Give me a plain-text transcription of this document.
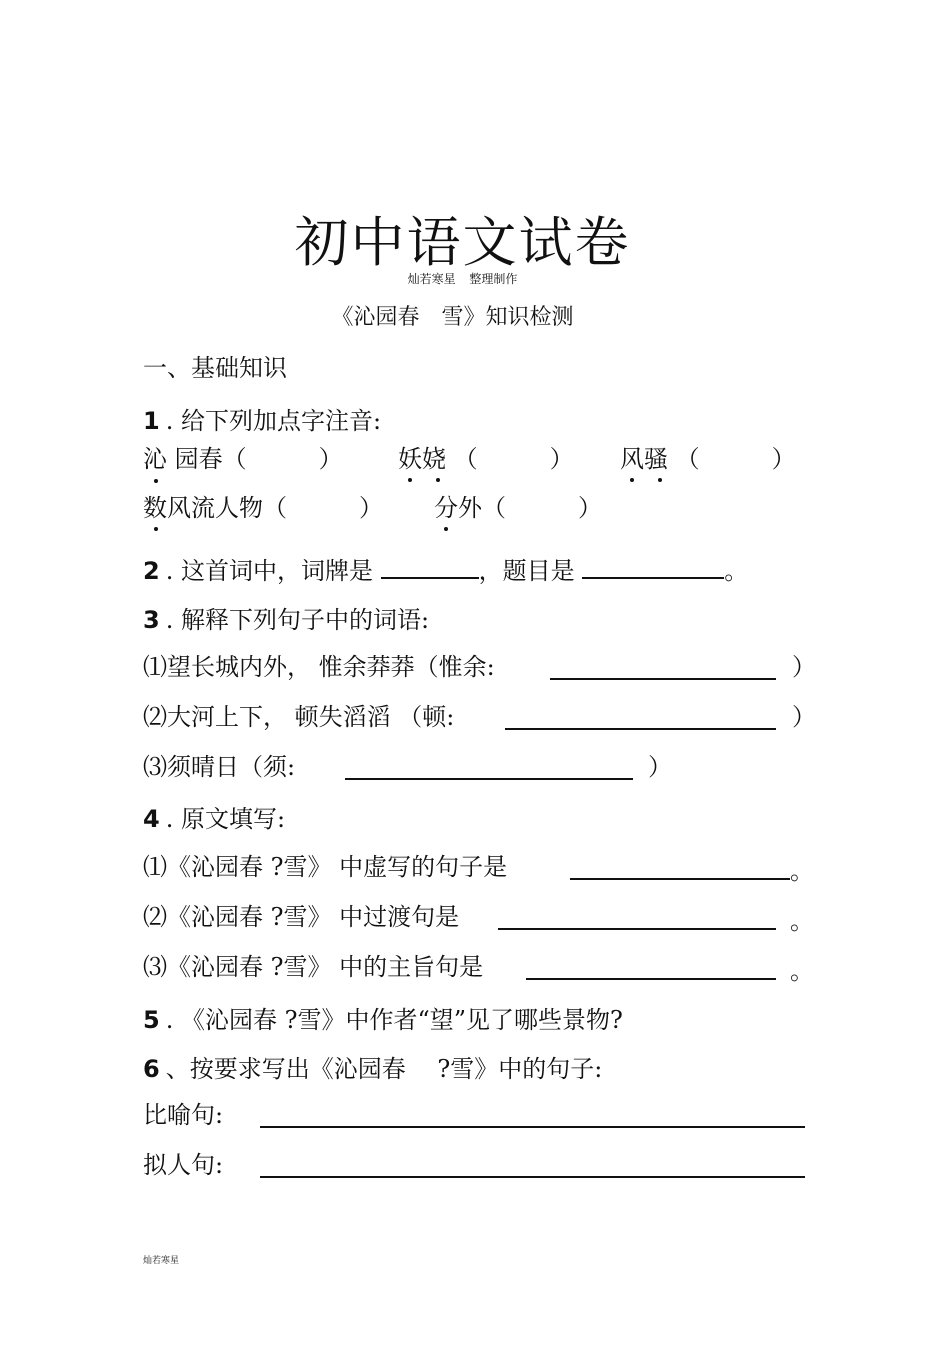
初中语文试卷
灿若寒星 整理制作
《沁园春　雪》知识检测
一、基础知识
1 . 给下列加点字注音:
沁 园春（　　　） 妖娆 （　　　） 风骚 （　　　）
数风流人物（　　　） 分外（　　　）
2 . 这首词中，词牌是	，题目是	。
3 . 解释下列句子中的词语:
⑴望长城内外， 惟余莽莽（惟余:	）
⑵大河上下， 顿失滔滔 （顿:	）
⑶须晴日（须:	）
4 . 原文填写:
⑴《沁园春 ?雪》 中虚写的句子是	。
⑵《沁园春 ?雪》 中过渡句是	。
⑶《沁园春 ?雪》 中的主旨句是	。
5 . 《沁园春 ?雪》中作者“望”见了哪些景物?
6 、按要求写出《沁园春　 ?雪》中的句子:
比喻句:
拟人句:
灿若寒星
